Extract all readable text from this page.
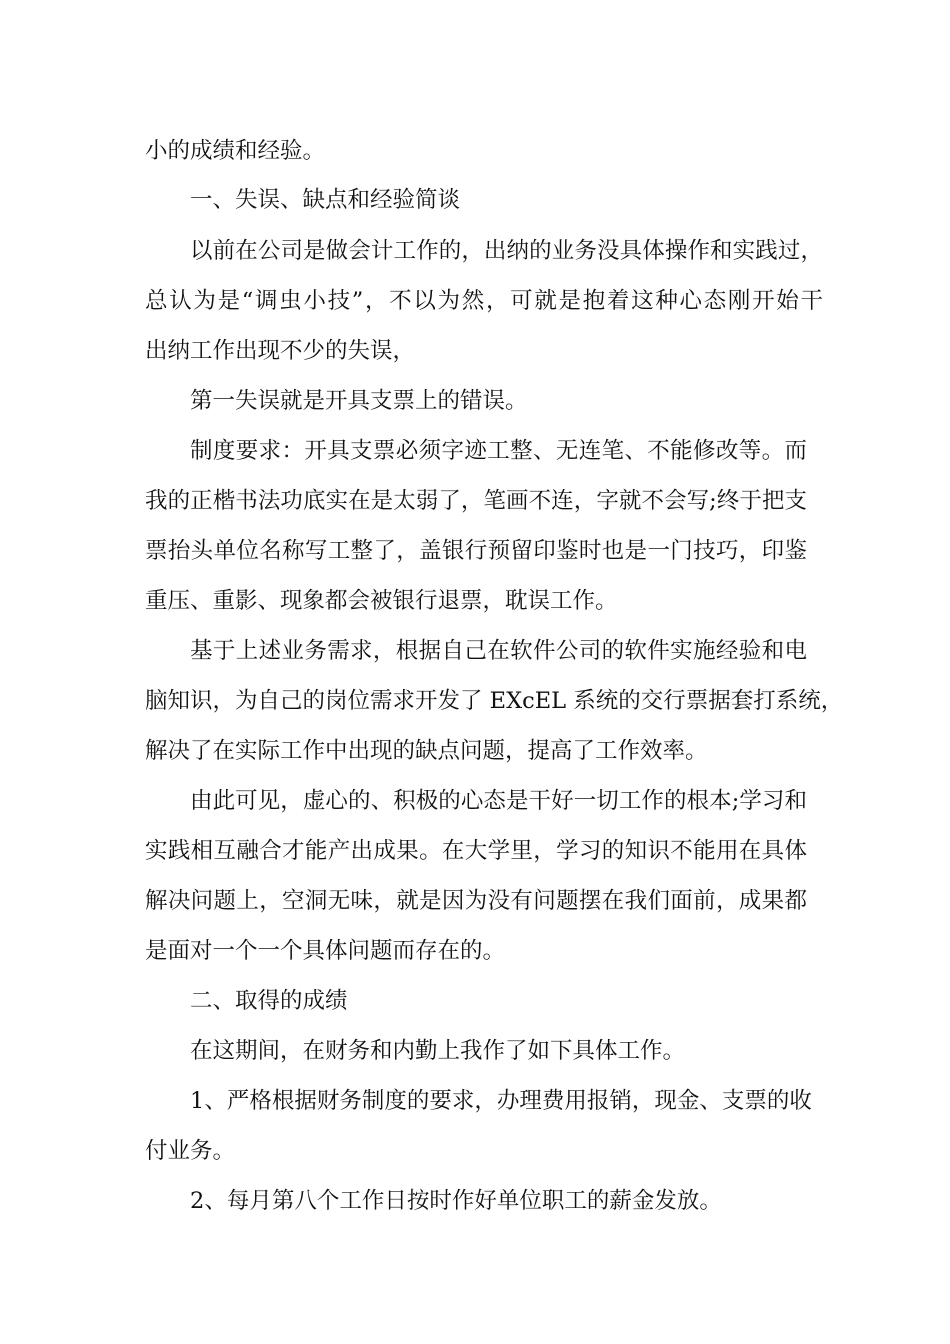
小的成绩和经验。
一、失误、缺点和经验简谈
以前在公司是做会计工作的，出纳的业务没具体操作和实践过，
总认为是“调虫小技”，不以为然，可就是抱着这种心态刚开始干
出纳工作出现不少的失误，
第一失误就是开具支票上的错误。
制度要求：开具支票必须字迹工整、无连笔、不能修改等。而
我的正楷书法功底实在是太弱了，笔画不连，字就不会写;终于把支
票抬头单位名称写工整了，盖银行预留印鉴时也是一门技巧，印鉴
重压、重影、现象都会被银行退票，耽误工作。
基于上述业务需求，根据自己在软件公司的软件实施经验和电
脑知识，为自己的岗位需求开发了 EXcEL 系统的交行票据套打系统，
解决了在实际工作中出现的缺点问题，提高了工作效率。
由此可见，虚心的、积极的心态是干好一切工作的根本;学习和
实践相互融合才能产出成果。在大学里，学习的知识不能用在具体
解决问题上，空洞无味，就是因为没有问题摆在我们面前，成果都
是面对一个一个具体问题而存在的。
二、取得的成绩
在这期间，在财务和内勤上我作了如下具体工作。
1、严格根据财务制度的要求，办理费用报销，现金、支票的收
付业务。
2、每月第八个工作日按时作好单位职工的薪金发放。
